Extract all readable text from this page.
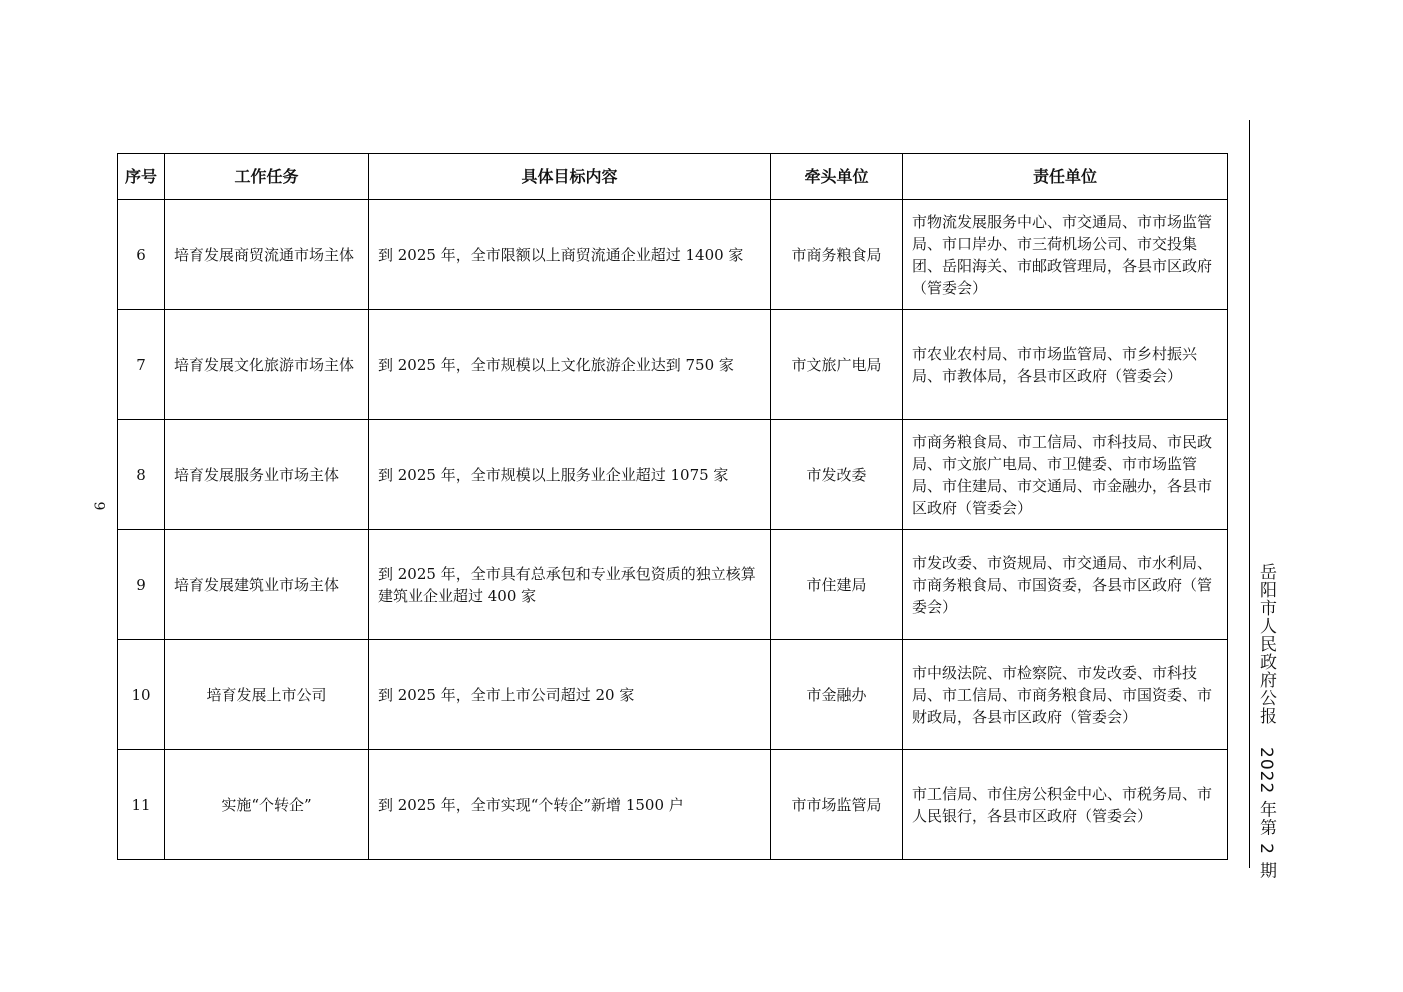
序号	工作任务	具体目标内容	牵头单位	责任单位
6	培育发展商贸流通市场主体	到 2025 年，全市限额以上商贸流通企业超过 1400 家	市商务粮食局	市物流发展服务中心、市交通局、市市场监管局、市口岸办、市三荷机场公司、市交投集团、岳阳海关、市邮政管理局，各县市区政府（管委会）
7	培育发展文化旅游市场主体	到 2025 年，全市规模以上文化旅游企业达到 750 家	市文旅广电局	市农业农村局、市市场监管局、市乡村振兴局、市教体局，各县市区政府（管委会）
8	培育发展服务业市场主体	到 2025 年，全市规模以上服务业企业超过 1075 家	市发改委	市商务粮食局、市工信局、市科技局、市民政局、市文旅广电局、市卫健委、市市场监管局、市住建局、市交通局、市金融办，各县市区政府（管委会）
9	培育发展建筑业市场主体	到 2025 年，全市具有总承包和专业承包资质的独立核算建筑业企业超过 400 家	市住建局	市发改委、市资规局、市交通局、市水利局、市商务粮食局、市国资委，各县市区政府（管委会）
10	培育发展上市公司	到 2025 年，全市上市公司超过 20 家	市金融办	市中级法院、市检察院、市发改委、市科技局、市工信局、市商务粮食局、市国资委、市财政局，各县市区政府（管委会）
11	实施“个转企”	到 2025 年，全市实现“个转企”新增 1500 户	市市场监管局	市工信局、市住房公积金中心、市税务局、市人民银行，各县市区政府（管委会）
9
岳阳市人民政府公报2022 年第 2 期
